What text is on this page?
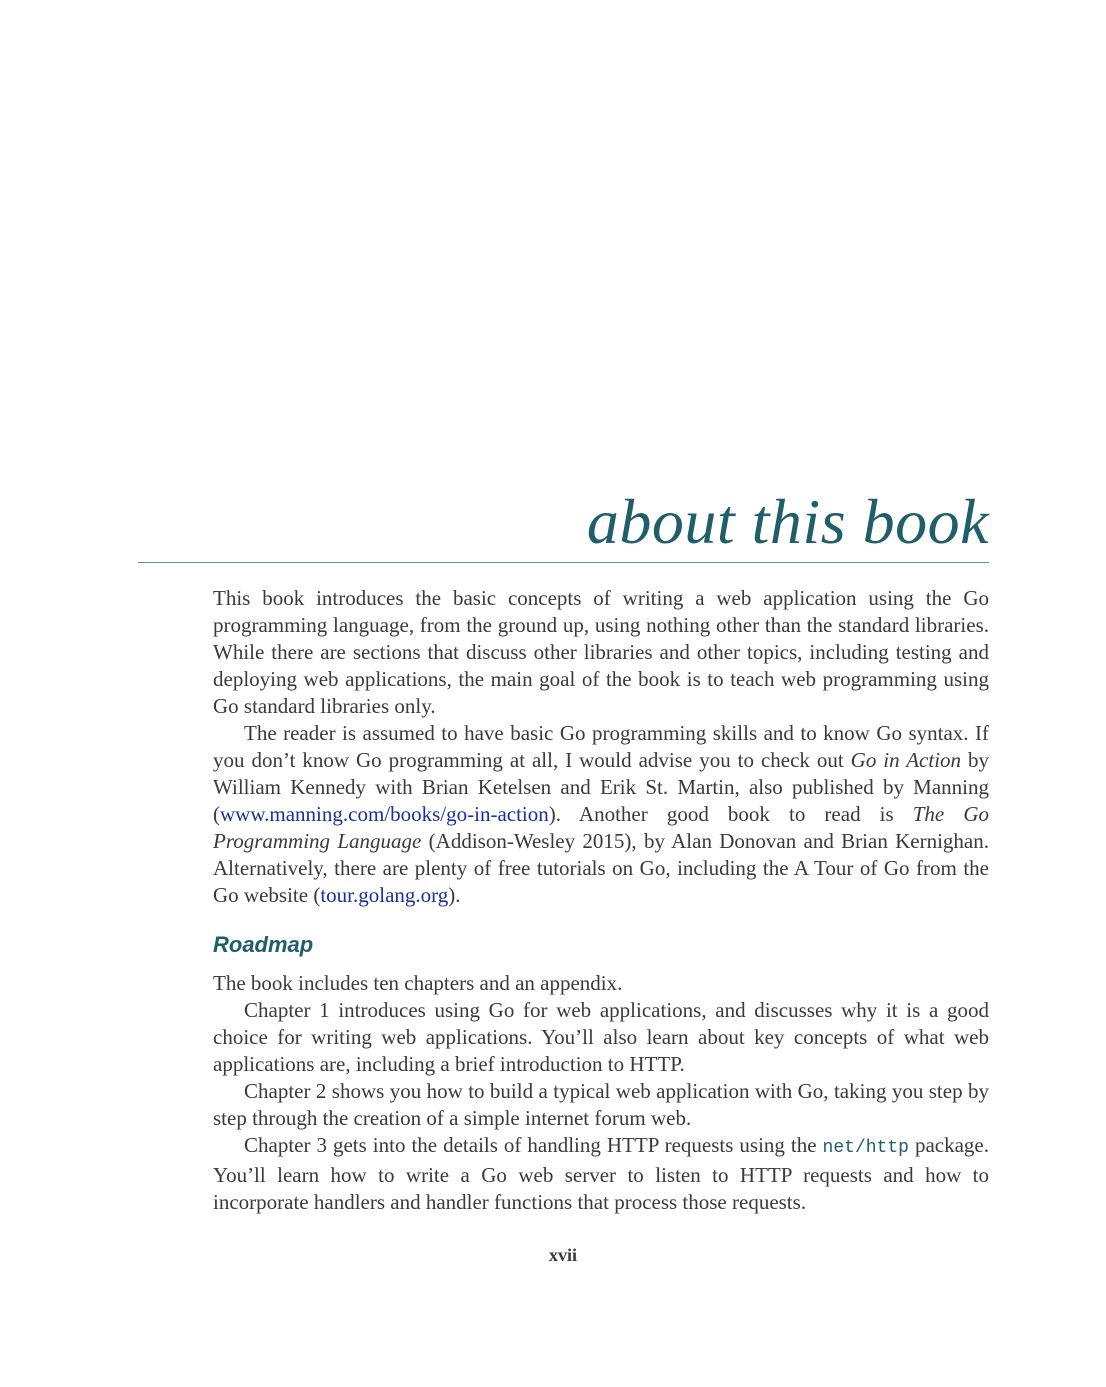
about this book

This book introduces the basic concepts of writing a web application using the Go programming language, from the ground up, using nothing other than the standard libraries. While there are sections that discuss other libraries and other topics, including testing and deploying web applications, the main goal of the book is to teach web programming using Go standard libraries only.

The reader is assumed to have basic Go programming skills and to know Go syntax. If you don’t know Go programming at all, I would advise you to check out Go in Action by William Kennedy with Brian Ketelsen and Erik St. Martin, also published by Manning (www.manning.com/books/go-in-action). Another good book to read is The Go Programming Language (Addison-Wesley 2015), by Alan Donovan and Brian Kernighan. Alternatively, there are plenty of free tutorials on Go, including the A Tour of Go from the Go website (tour.golang.org).

Roadmap

The book includes ten chapters and an appendix.

Chapter 1 introduces using Go for web applications, and discusses why it is a good choice for writing web applications. You’ll also learn about key concepts of what web applications are, including a brief introduction to HTTP.

Chapter 2 shows you how to build a typical web application with Go, taking you step by step through the creation of a simple internet forum web.

Chapter 3 gets into the details of handling HTTP requests using the net/http package. You’ll learn how to write a Go web server to listen to HTTP requests and how to incorporate handlers and handler functions that process those requests.

xvii
